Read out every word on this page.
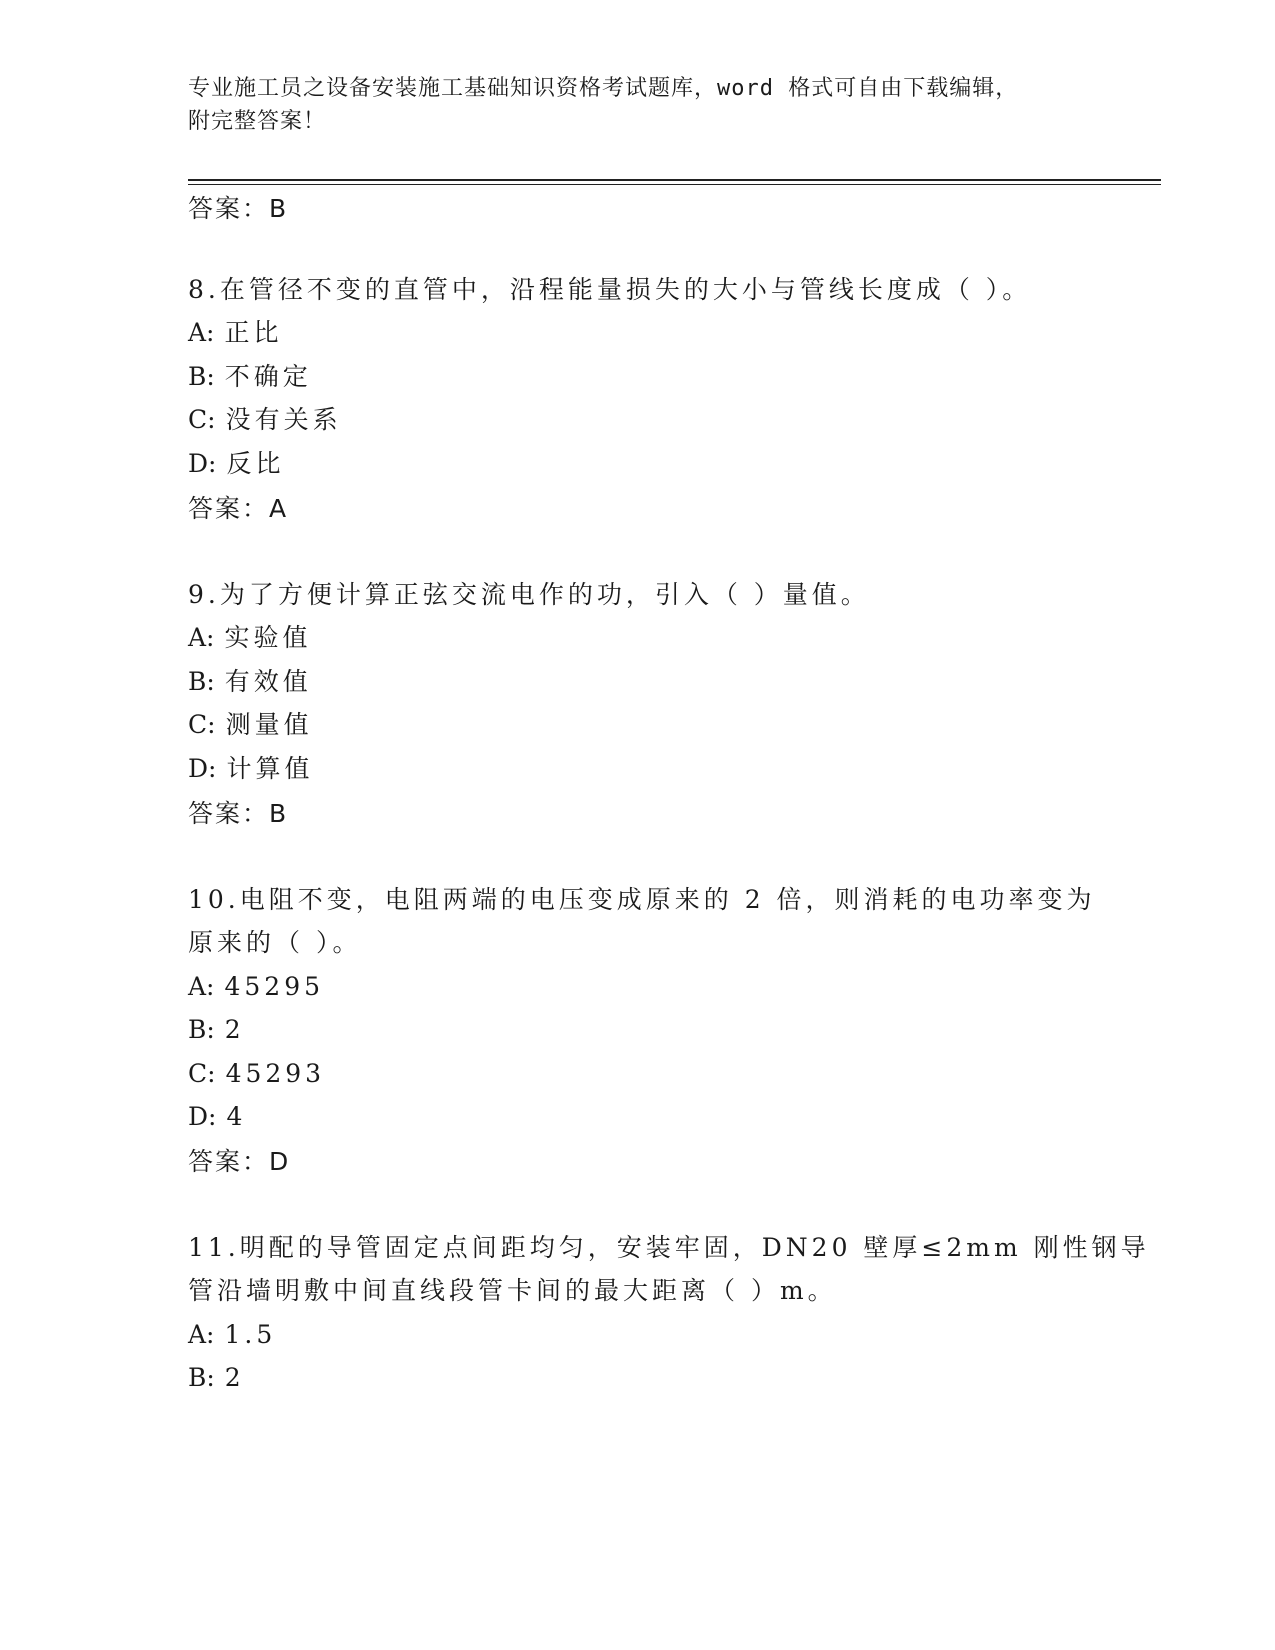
专业施工员之设备安装施工基础知识资格考试题库，word 格式可自由下载编辑，
附完整答案！
答案：B
8.在管径不变的直管中，沿程能量损失的大小与管线长度成（ ）。
A: 正比
B: 不确定
C: 没有关系
D: 反比
答案：A
9.为了方便计算正弦交流电作的功，引入（ ）量值。
A: 实验值
B: 有效值
C: 测量值
D: 计算值
答案：B
10.电阻不变，电阻两端的电压变成原来的 2 倍，则消耗的电功率变为
原来的（ ）。
A: 45295
B: 2
C: 45293
D: 4
答案：D
11.明配的导管固定点间距均匀，安装牢固，DN20 壁厚≤2mm 刚性钢导
管沿墙明敷中间直线段管卡间的最大距离（ ）m。
A: 1.5
B: 2
